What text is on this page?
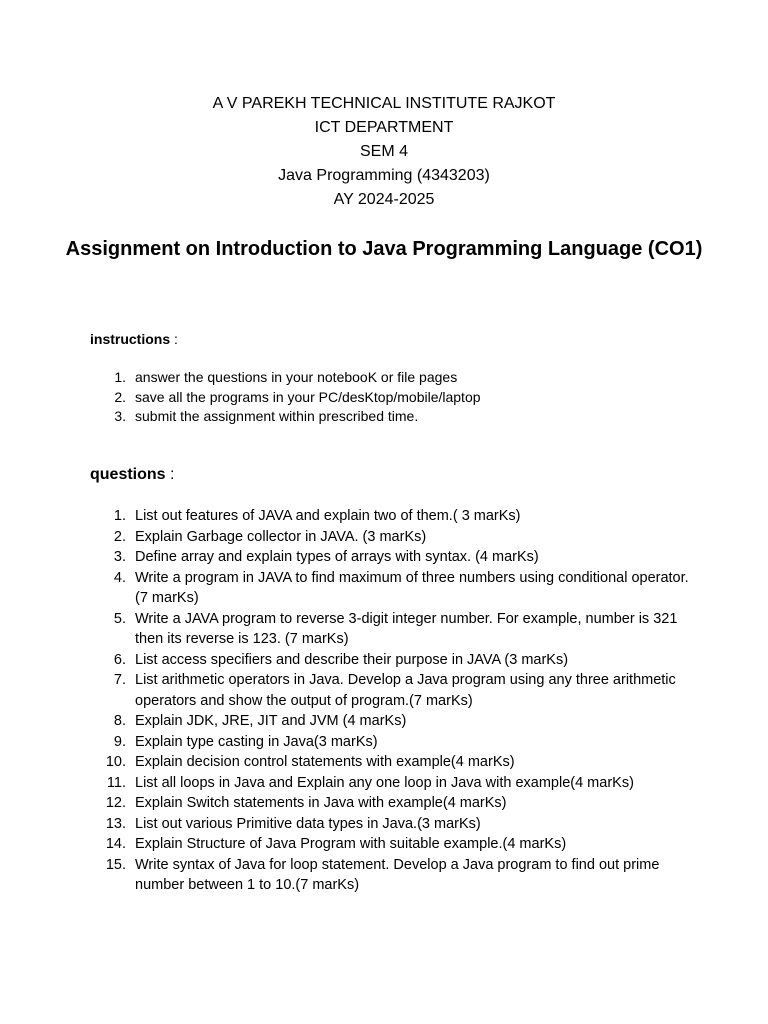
A V PAREKH TECHNICAL INSTITUTE RAJKOT
ICT DEPARTMENT
SEM 4
Java Programming (4343203)
AY 2024-2025
Assignment on Introduction to Java Programming Language (CO1)
instructions :
1. answer the questions in your notebooK or file pages
2. save all the programs in your PC/desKtop/mobile/laptop
3. submit the assignment within prescribed time.
questions :
1. List out features of JAVA and explain two of them.( 3 marKs)
2. Explain Garbage collector in JAVA. (3 marKs)
3. Define array and explain types of arrays with syntax. (4 marKs)
4. Write a program in JAVA to find maximum of three numbers using conditional operator.(7 marKs)
5. Write a JAVA program to reverse 3-digit integer number. For example, number is 321 then its reverse is 123. (7 marKs)
6. List access specifiers and describe their purpose in JAVA (3 marKs)
7. List arithmetic operators in Java. Develop a Java program using any three arithmetic operators and show the output of program.(7 marKs)
8. Explain JDK, JRE, JIT and JVM (4 marKs)
9. Explain type casting in Java(3 marKs)
10. Explain decision control statements with example(4 marKs)
11. List all loops in Java and Explain any one loop in Java with example(4 marKs)
12. Explain Switch statements in Java with example(4 marKs)
13. List out various Primitive data types in Java.(3 marKs)
14. Explain Structure of Java Program with suitable example.(4 marKs)
15. Write syntax of Java for loop statement. Develop a Java program to find out prime number between 1 to 10.(7 marKs)
